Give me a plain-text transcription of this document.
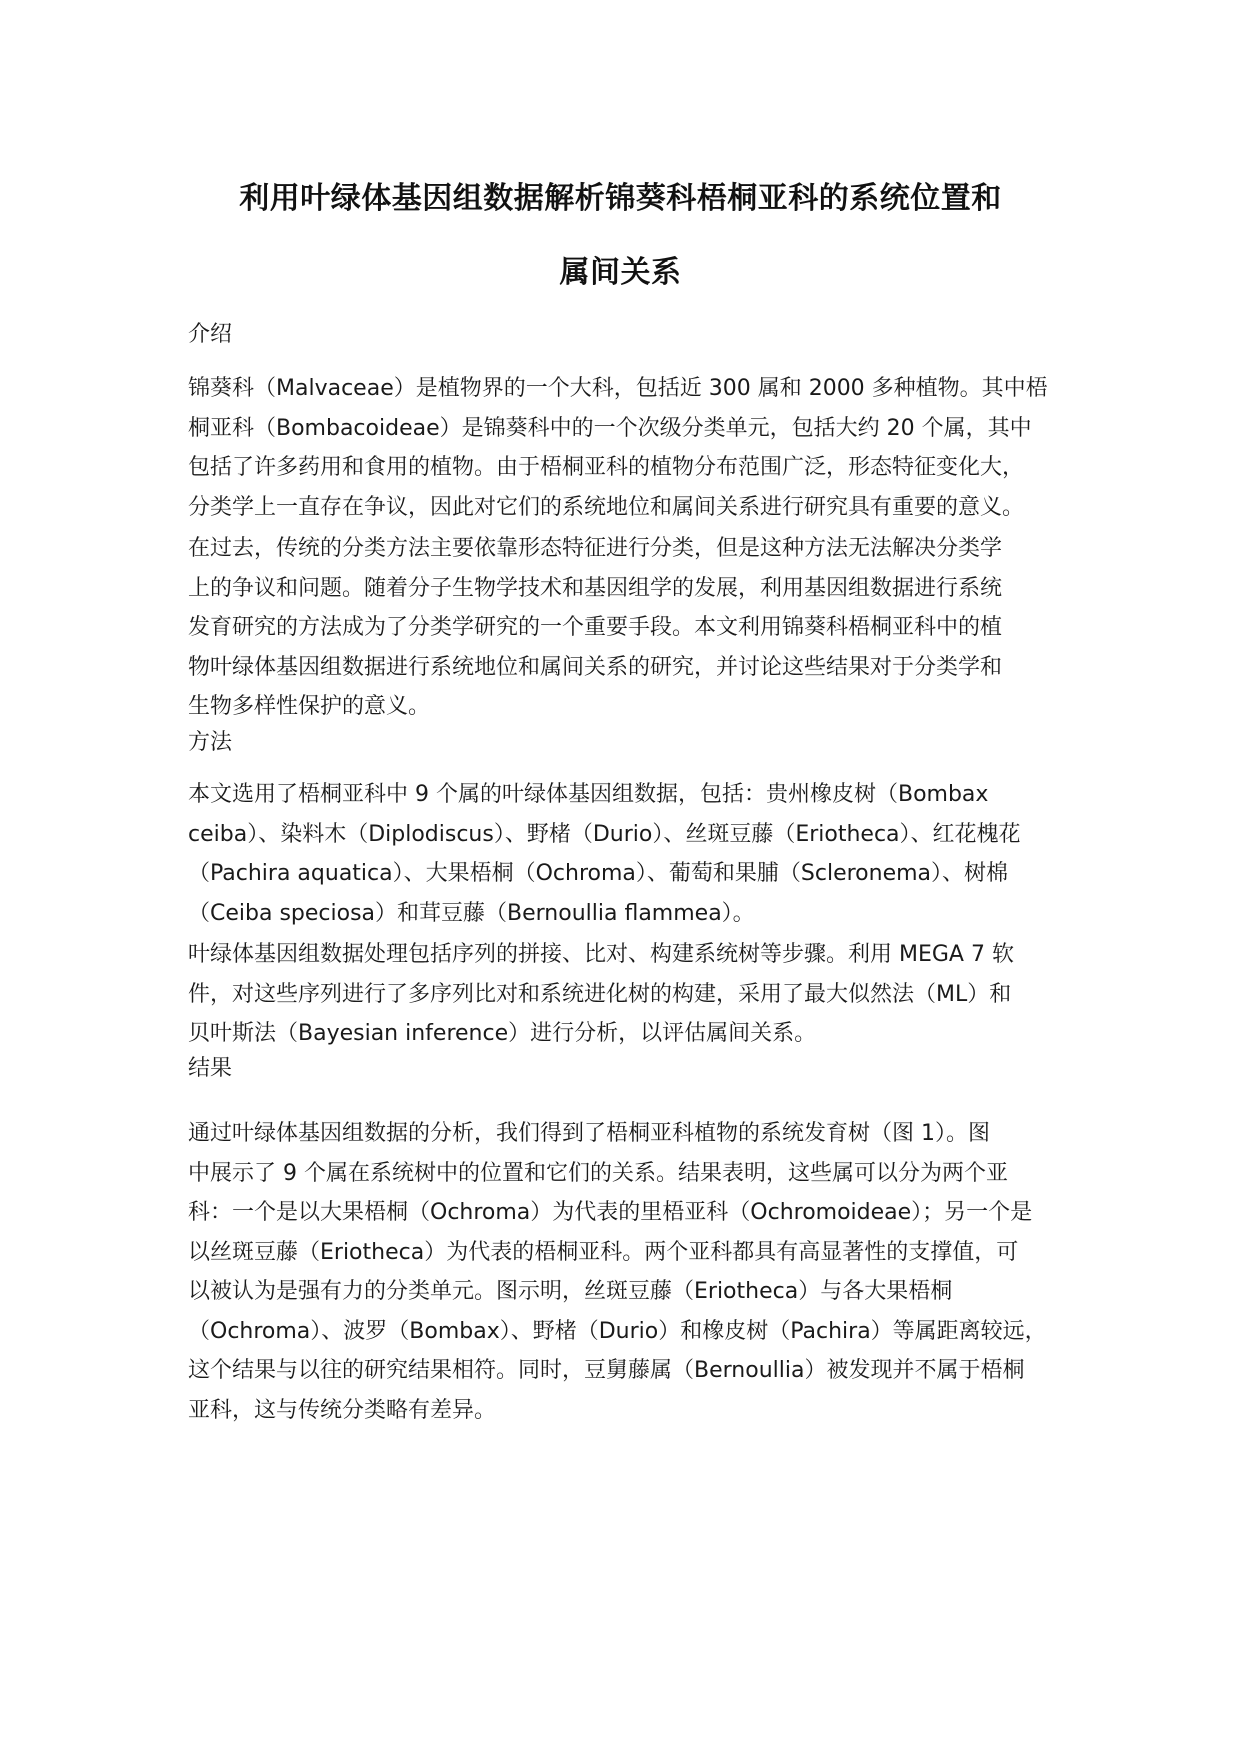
利用叶绿体基因组数据解析锦葵科梧桐亚科的系统位置和
属间关系
介绍
锦葵科（Malvaceae）是植物界的一个大科，包括近 300 属和 2000 多种植物。其中梧
桐亚科（Bombacoideae）是锦葵科中的一个次级分类单元，包括大约 20 个属，其中
包括了许多药用和食用的植物。由于梧桐亚科的植物分布范围广泛，形态特征变化大，
分类学上一直存在争议，因此对它们的系统地位和属间关系进行研究具有重要的意义。
在过去，传统的分类方法主要依靠形态特征进行分类，但是这种方法无法解决分类学
上的争议和问题。随着分子生物学技术和基因组学的发展，利用基因组数据进行系统
发育研究的方法成为了分类学研究的一个重要手段。本文利用锦葵科梧桐亚科中的植
物叶绿体基因组数据进行系统地位和属间关系的研究，并讨论这些结果对于分类学和
生物多样性保护的意义。
方法
本文选用了梧桐亚科中 9 个属的叶绿体基因组数据，包括：贵州橡皮树（Bombax
ceiba）、染料木（Diplodiscus）、野楮（Durio）、丝斑豆藤（Eriotheca）、红花槐花
（Pachira aquatica）、大果梧桐（Ochroma）、葡萄和果脯（Scleronema）、树棉
（Ceiba speciosa）和茸豆藤（Bernoullia flammea）。
叶绿体基因组数据处理包括序列的拼接、比对、构建系统树等步骤。利用 MEGA 7 软
件，对这些序列进行了多序列比对和系统进化树的构建，采用了最大似然法（ML）和
贝叶斯法（Bayesian inference）进行分析，以评估属间关系。
结果
通过叶绿体基因组数据的分析，我们得到了梧桐亚科植物的系统发育树（图 1）。图
中展示了 9 个属在系统树中的位置和它们的关系。结果表明，这些属可以分为两个亚
科：一个是以大果梧桐（Ochroma）为代表的里梧亚科（Ochromoideae）；另一个是
以丝斑豆藤（Eriotheca）为代表的梧桐亚科。两个亚科都具有高显著性的支撑值，可
以被认为是强有力的分类单元。图示明，丝斑豆藤（Eriotheca）与各大果梧桐
（Ochroma）、波罗（Bombax）、野楮（Durio）和橡皮树（Pachira）等属距离较远，
这个结果与以往的研究结果相符。同时，豆舅藤属（Bernoullia）被发现并不属于梧桐
亚科，这与传统分类略有差异。
